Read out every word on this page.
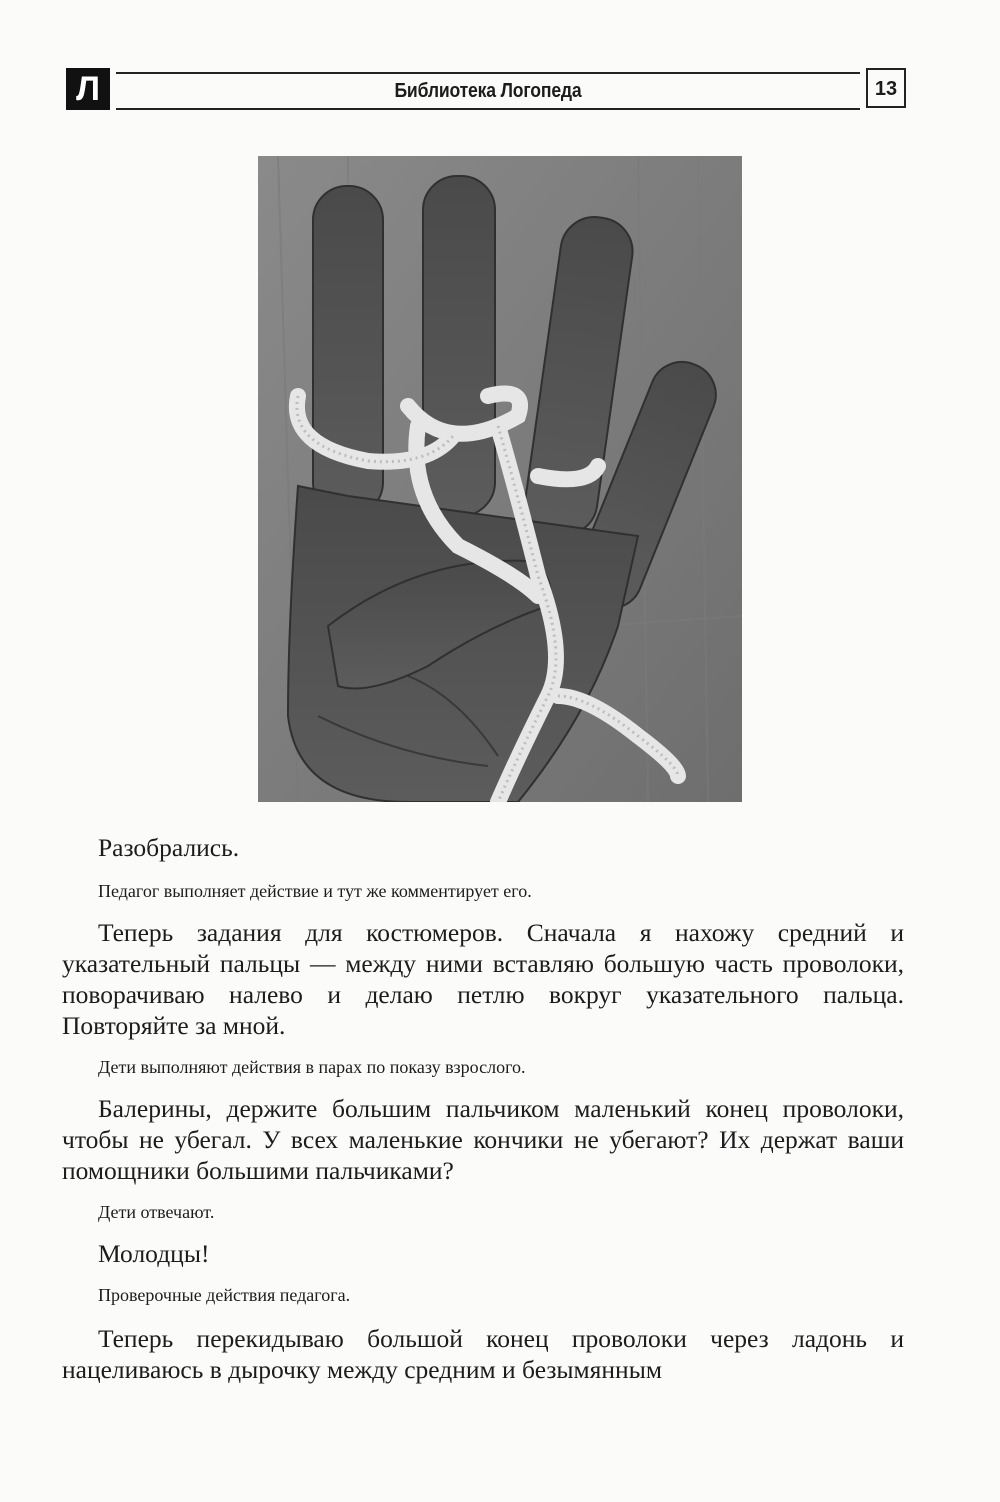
Л	Библиотека Логопеда	13

Разобрались.

Педагог выполняет действие и тут же комментирует его.

Теперь задания для костюмеров. Сначала я нахожу средний и указательный пальцы — между ними вставляю большую часть проволоки, поворачиваю налево и делаю петлю вокруг указательного пальца. Повторяйте за мной.

Дети выполняют действия в парах по показу взрослого.

Балерины, держите большим пальчиком маленький конец проволоки, чтобы не убегал. У всех маленькие кончики не убегают? Их держат ваши помощники большими пальчиками?

Дети отвечают.

Молодцы!

Проверочные действия педагога.

Теперь перекидываю большой конец проволоки через ладонь и нацеливаюсь в дырочку между средним и безымянным
